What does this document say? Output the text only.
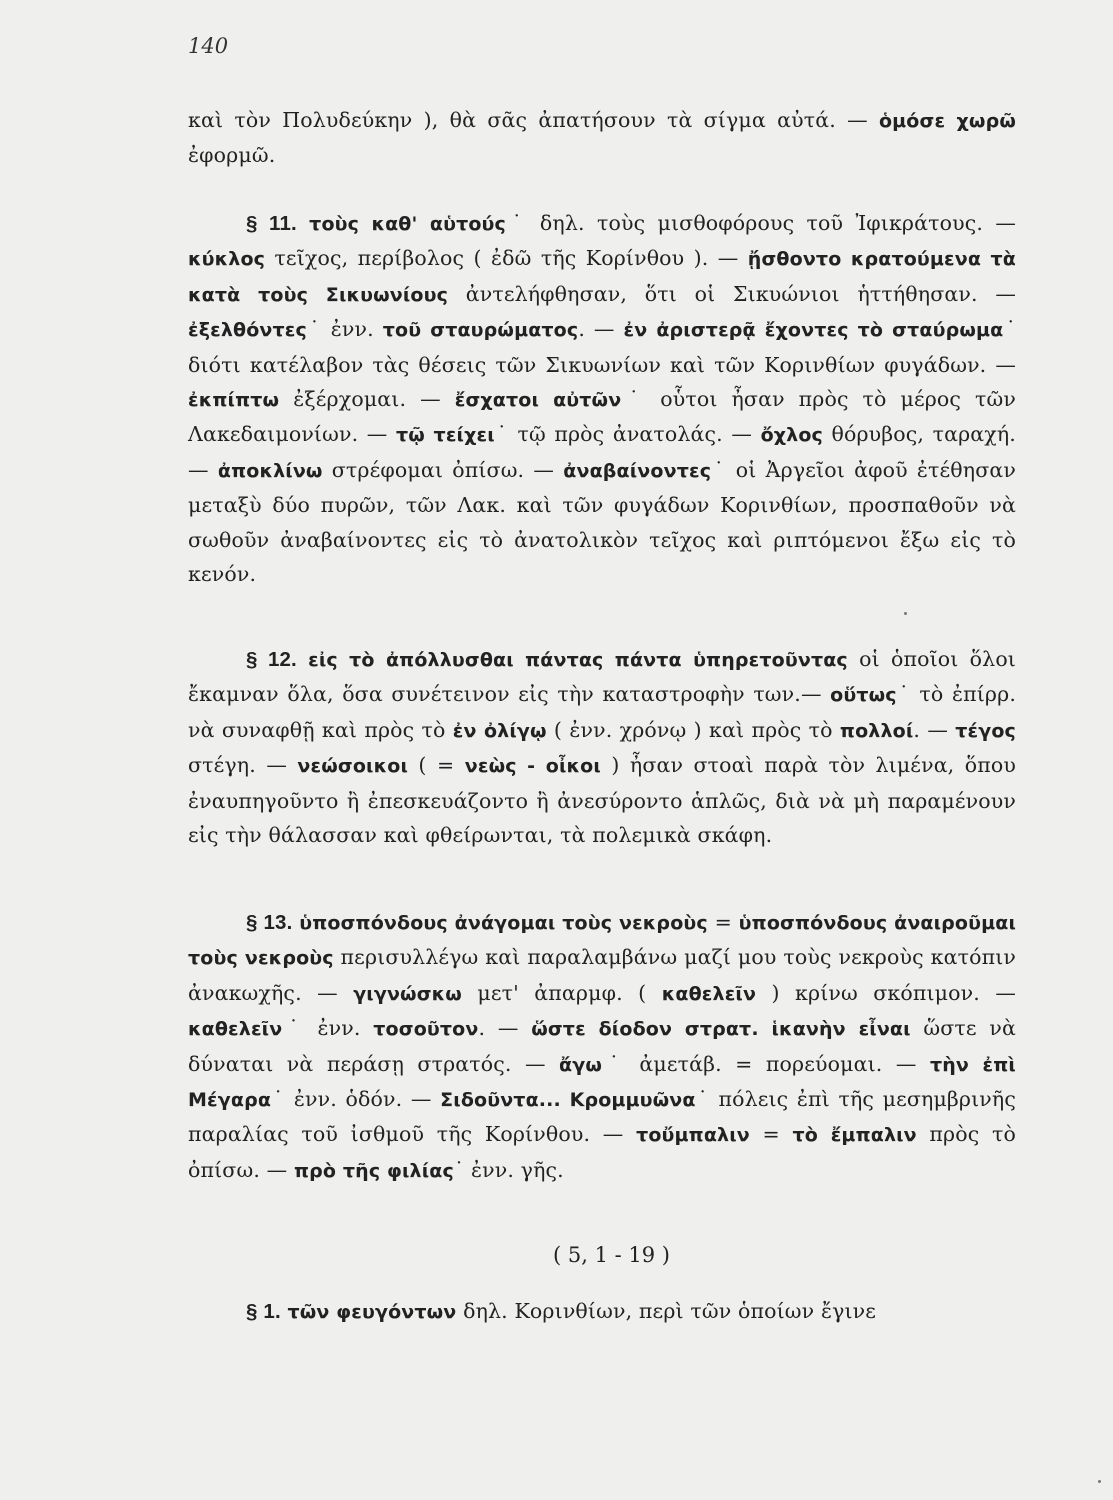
140

καὶ τὸν Πολυδεύκην ), θὰ σᾶς ἀπατήσουν τὰ σίγμα αὐτά. — ὁμόσε χωρῶ ἐφορμῶ.

§ 11. τοὺς καθ' αὑτούς˙ δηλ. τοὺς μισθοφόρους τοῦ Ἰφικράτους. — κύκλος τεῖχος, περίβολος ( ἐδῶ τῆς Κορίνθου ). — ᾔσθοντο κρατούμενα τὰ κατὰ τοὺς Σικυωνίους ἀντελήφθησαν, ὅτι οἱ Σικυώνιοι ἡττήθησαν. — ἐξελθόντες˙ ἐνν. τοῦ σταυρώματος. — ἐν ἀριστερᾷ ἔχοντες τὸ σταύρωμα˙ διότι κατέλαβον τὰς θέσεις τῶν Σικυωνίων καὶ τῶν Κορινθίων φυγάδων. — ἐκπίπτω ἐξέρχομαι. — ἔσχατοι αὐτῶν˙ οὗτοι ἦσαν πρὸς τὸ μέρος τῶν Λακεδαιμονίων. — τῷ τείχει˙ τῷ πρὸς ἀνατολάς. — ὄχλος θόρυβος, ταραχή. — ἀποκλίνω στρέφομαι ὀπίσω. — ἀναβαίνοντες˙ οἱ Ἀργεῖοι ἀφοῦ ἐτέθησαν μεταξὺ δύο πυρῶν, τῶν Λακ. καὶ τῶν φυγάδων Κορινθίων, προσπαθοῦν νὰ σωθοῦν ἀναβαίνοντες εἰς τὸ ἀνατολικὸν τεῖχος καὶ ριπτόμενοι ἔξω εἰς τὸ κενόν.

§ 12. εἰς τὸ ἀπόλλυσθαι πάντας πάντα ὑπηρετοῦντας οἱ ὁποῖοι ὅλοι ἔκαμναν ὅλα, ὅσα συνέτεινον εἰς τὴν καταστροφὴν των.— οὕτως˙ τὸ ἐπίρρ. νὰ συναφθῇ καὶ πρὸς τὸ ἐν ὀλίγῳ ( ἐνν. χρόνῳ ) καὶ πρὸς τὸ πολλοί. — τέγος στέγη. — νεώσοικοι ( = νεὼς - οἶκοι ) ἦσαν στοαὶ παρὰ τὸν λιμένα, ὅπου ἐναυπηγοῦντο ἢ ἐπεσκευάζοντο ἢ ἀνεσύροντο ἁπλῶς, διὰ νὰ μὴ παραμένουν εἰς τὴν θάλασσαν καὶ φθείρωνται, τὰ πολεμικὰ σκάφη.

§ 13. ὑποσπόνδους ἀνάγομαι τοὺς νεκροὺς = ὑποσπόνδους ἀναιροῦμαι τοὺς νεκροὺς περισυλλέγω καὶ παραλαμβάνω μαζί μου τοὺς νεκροὺς κατόπιν ἀνακωχῆς. — γιγνώσκω μετ' ἀπαρμφ. ( καθελεῖν ) κρίνω σκόπιμον. — καθελεῖν˙ ἐνν. τοσοῦτον. — ὥστε δίοδον στρατ. ἱκανὴν εἶναι ὥστε νὰ δύναται νὰ περάσῃ στρατός. — ἄγω˙ ἀμετάβ. = πορεύομαι. — τὴν ἐπὶ Μέγαρα˙ ἐνν. ὁδόν. — Σιδοῦντα... Κρομμυῶνα˙ πόλεις ἐπὶ τῆς μεσημβρινῆς παραλίας τοῦ ἰσθμοῦ τῆς Κορίνθου. — τοὔμπαλιν = τὸ ἔμπαλιν πρὸς τὸ ὀπίσω. — πρὸ τῆς φιλίας˙ ἐνν. γῆς.

( 5, 1 - 19 )

§ 1. τῶν φευγόντων δηλ. Κορινθίων, περὶ τῶν ὁποίων ἔγινε
